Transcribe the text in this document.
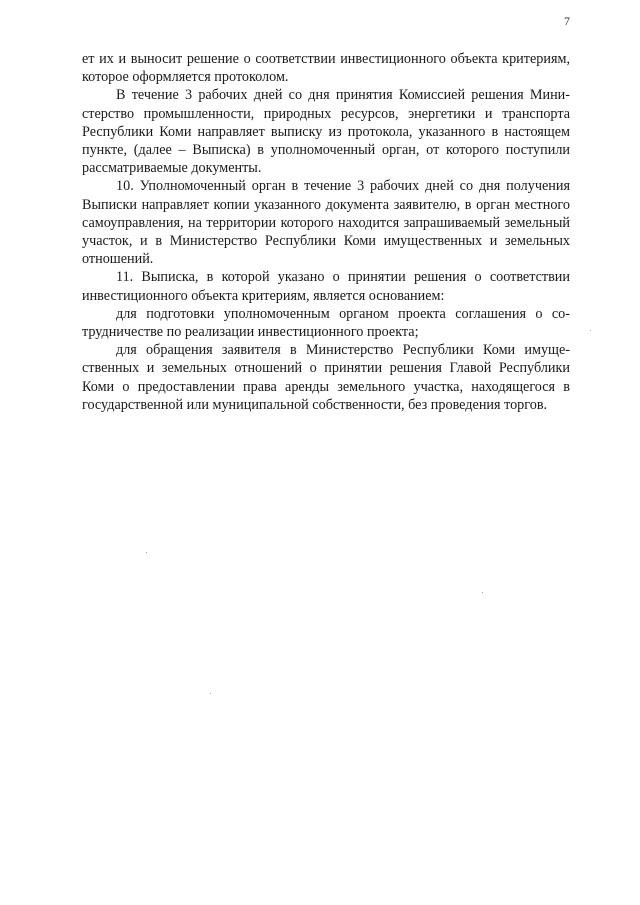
7

ет их и выносит решение о соответствии инвестиционного объекта критериям, которое оформляется протоколом.

В течение 3 рабочих дней со дня принятия Комиссией решения Министерство промышленности, природных ресурсов, энергетики и транспорта Республики Коми направляет выписку из протокола, указанного в настоящем пункте, (далее – Выписка) в уполномоченный орган, от которого поступили рассматриваемые документы.

10. Уполномоченный орган в течение 3 рабочих дней со дня получения Выписки направляет копии указанного документа заявителю, в орган местного самоуправления, на территории которого находится запрашиваемый земельный участок, и в Министерство Республики Коми имущественных и земельных отношений.

11. Выписка, в которой указано о принятии решения о соответствии инвестиционного объекта критериям, является основанием:

для подготовки уполномоченным органом проекта соглашения о сотрудничестве по реализации инвестиционного проекта;

для обращения заявителя в Министерство Республики Коми имущественных и земельных отношений о принятии решения Главой Республики Коми о предоставлении права аренды земельного участка, находящегося в государственной или муниципальной собственности, без проведения торгов.
